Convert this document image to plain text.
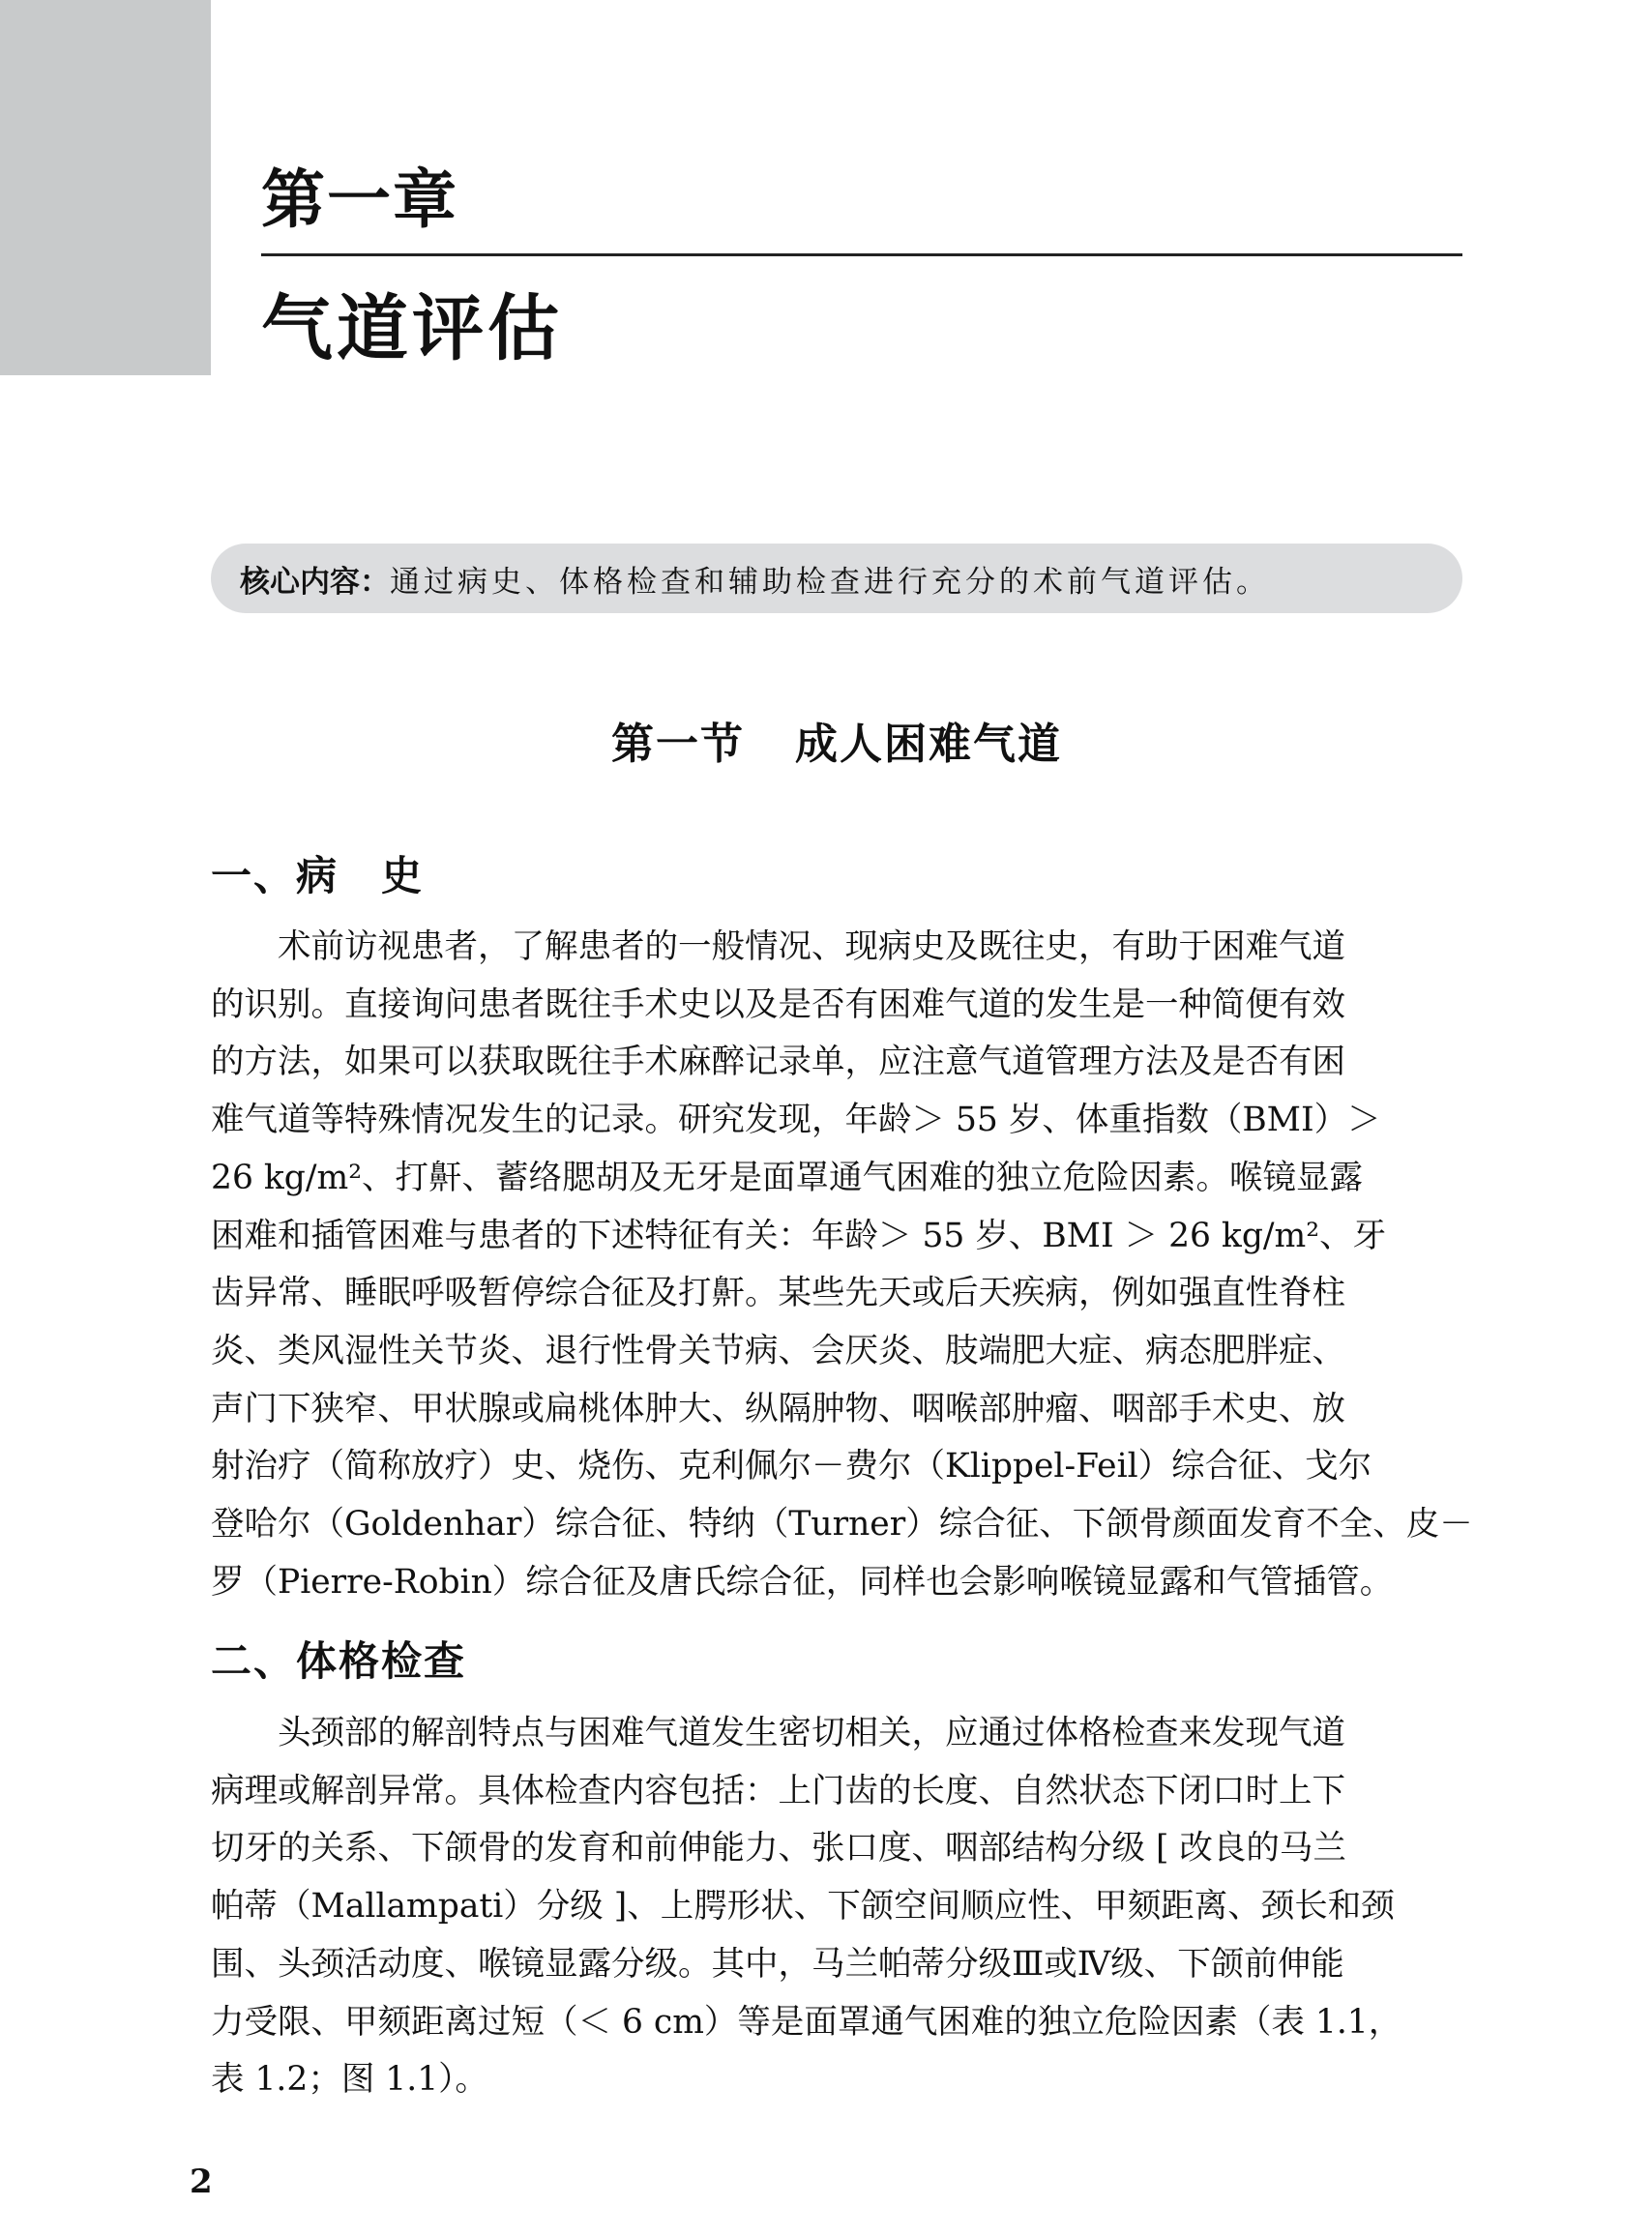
第一章
气道评估
核心内容： 通过病史、体格检查和辅助检查进行充分的术前气道评估。
第一节 成人困难气道
一、病　史
　　术前访视患者，了解患者的一般情况、现病史及既往史，有助于困难气道
的识别。直接询问患者既往手术史以及是否有困难气道的发生是一种简便有效
的方法，如果可以获取既往手术麻醉记录单，应注意气道管理方法及是否有困
难气道等特殊情况发生的记录。研究发现，年龄＞ 55 岁、体重指数（BMI）＞
26 kg/m²、打鼾、蓄络腮胡及无牙是面罩通气困难的独立危险因素。喉镜显露
困难和插管困难与患者的下述特征有关：年龄＞ 55 岁、BMI ＞ 26 kg/m²、牙
齿异常、睡眠呼吸暂停综合征及打鼾。某些先天或后天疾病，例如强直性脊柱
炎、类风湿性关节炎、退行性骨关节病、会厌炎、肢端肥大症、病态肥胖症、
声门下狭窄、甲状腺或扁桃体肿大、纵隔肿物、咽喉部肿瘤、咽部手术史、放
射治疗（简称放疗）史、烧伤、克利佩尔－费尔（Klippel-Feil）综合征、戈尔
登哈尔（Goldenhar）综合征、特纳（Turner）综合征、下颌骨颜面发育不全、皮－
罗（Pierre-Robin）综合征及唐氏综合征，同样也会影响喉镜显露和气管插管。
二、体格检查
　　头颈部的解剖特点与困难气道发生密切相关，应通过体格检查来发现气道
病理或解剖异常。具体检查内容包括：上门齿的长度、自然状态下闭口时上下
切牙的关系、下颌骨的发育和前伸能力、张口度、咽部结构分级 [ 改良的马兰
帕蒂（Mallampati）分级 ]、上腭形状、下颌空间顺应性、甲颏距离、颈长和颈
围、头颈活动度、喉镜显露分级。其中，马兰帕蒂分级Ⅲ或Ⅳ级、下颌前伸能
力受限、甲颏距离过短（＜ 6 cm）等是面罩通气困难的独立危险因素（表 1.1，
表 1.2；图 1.1）。
2
